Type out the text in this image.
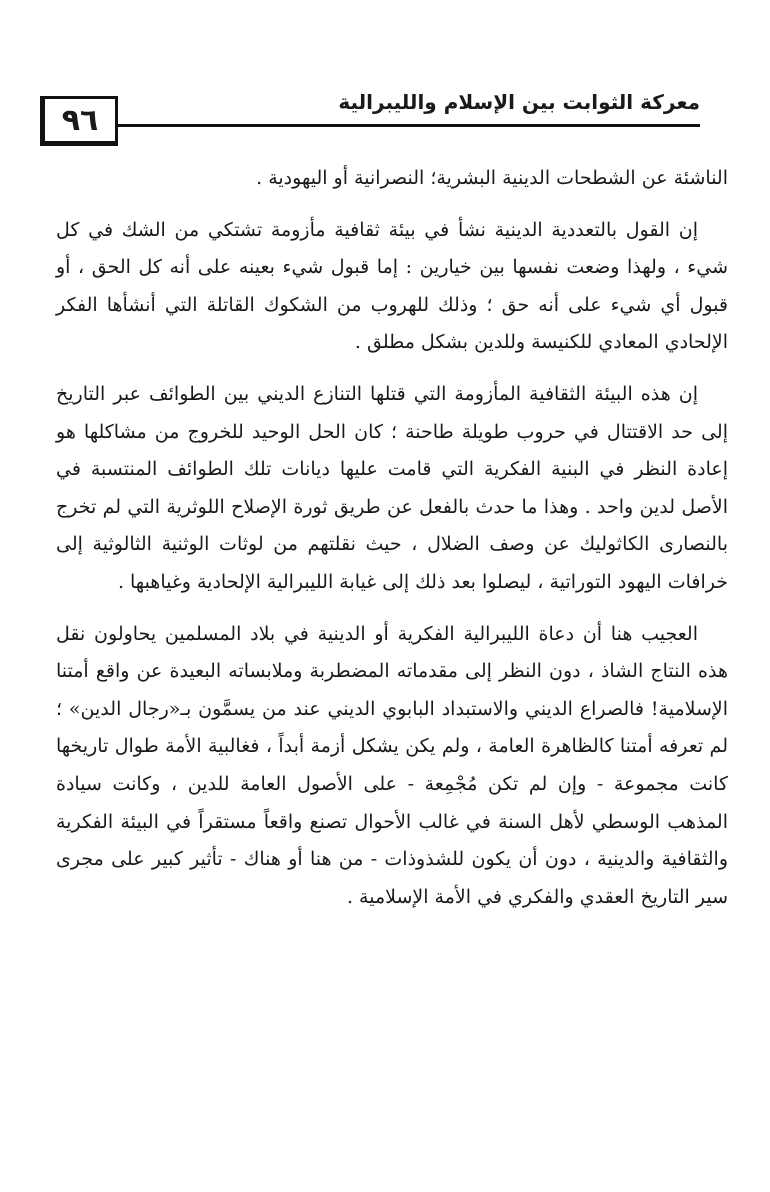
٩٦
معركة الثوابت بين الإسلام والليبرالية

الناشئة عن الشطحات الدينية البشرية؛ النصرانية أو اليهودية .

إن القول بالتعددية الدينية نشأ في بيئة ثقافية مأزومة تشتكي من الشك في كل شيء ، ولهذا وضعت نفسها بين خيارين : إما قبول شيء بعينه على أنه كل الحق ، أو قبول أي شيء على أنه حق ؛ وذلك للهروب من الشكوك القاتلة التي أنشأها الفكر الإلحادي المعادي للكنيسة وللدين بشكل مطلق .

إن هذه البيئة الثقافية المأزومة التي قتلها التنازع الديني بين الطوائف عبر التاريخ إلى حد الاقتتال في حروب طويلة طاحنة ؛ كان الحل الوحيد للخروج من مشاكلها هو إعادة النظر في البنية الفكرية التي قامت عليها ديانات تلك الطوائف المنتسبة في الأصل لدين واحد . وهذا ما حدث بالفعل عن طريق ثورة الإصلاح اللوثرية التي لم تخرج بالنصارى الكاثوليك عن وصف الضلال ، حيث نقلتهم من لوثات الوثنية الثالوثية إلى خرافات اليهود التوراتية ، ليصلوا بعد ذلك إلى غيابة الليبرالية الإلحادية وغياهبها .

العجيب هنا أن دعاة الليبرالية الفكرية أو الدينية في بلاد المسلمين يحاولون نقل هذه النتاج الشاذ ، دون النظر إلى مقدماته المضطربة وملابساته البعيدة عن واقع أمتنا الإسلامية! فالصراع الديني والاستبداد البابوي الديني عند من يسمَّون بـ«رجال الدين» ؛ لم تعرفه أمتنا كالظاهرة العامة ، ولم يكن يشكل أزمة أبداً ، فغالبية الأمة طوال تاريخها كانت مجموعة - وإن لم تكن مُجْمِعة - على الأصول العامة للدين ، وكانت سيادة المذهب الوسطي لأهل السنة في غالب الأحوال تصنع واقعاً مستقراً في البيئة الفكرية والثقافية والدينية ، دون أن يكون للشذوذات - من هنا أو هناك - تأثير كبير على مجرى سير التاريخ العقدي والفكري في الأمة الإسلامية .
